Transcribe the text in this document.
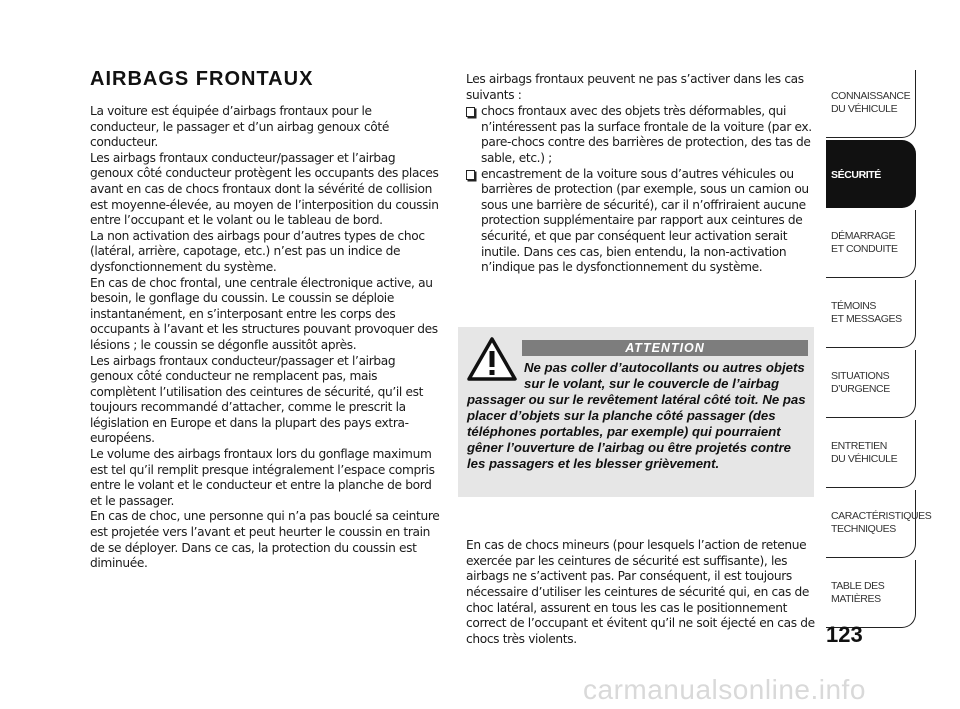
AIRBAGS FRONTAUX

La voiture est équipée d’airbags frontaux pour le conducteur, le passager et d’un airbag genoux côté conducteur.

Les airbags frontaux conducteur/passager et l’airbag genoux côté conducteur protègent les occupants des places avant en cas de chocs frontaux dont la sévérité de collision est moyenne-élevée, au moyen de l’interposition du coussin entre l’occupant et le volant ou le tableau de bord.

La non activation des airbags pour d’autres types de choc (latéral, arrière, capotage, etc.) n’est pas un indice de dysfonctionnement du système.

En cas de choc frontal, une centrale électronique active, au besoin, le gonflage du coussin. Le coussin se déploie instantanément, en s’interposant entre les corps des occupants à l’avant et les structures pouvant provoquer des lésions ; le coussin se dégonfle aussitôt après.

Les airbags frontaux conducteur/passager et l’airbag genoux côté conducteur ne remplacent pas, mais complètent l’utilisation des ceintures de sécurité, qu’il est toujours recommandé d’attacher, comme le prescrit la législation en Europe et dans la plupart des pays extra-européens.

Le volume des airbags frontaux lors du gonflage maximum est tel qu’il remplit presque intégralement l’espace compris entre le volant et le conducteur et entre la planche de bord et le passager.

En cas de choc, une personne qui n’a pas bouclé sa ceinture est projetée vers l’avant et peut heurter le coussin en train de se déployer. Dans ce cas, la protection du coussin est diminuée.

Les airbags frontaux peuvent ne pas s’activer dans les cas suivants :

chocs frontaux avec des objets très déformables, qui n’intéressent pas la surface frontale de la voiture (par ex. pare-chocs contre des barrières de protection, des tas de sable, etc.) ;
encastrement de la voiture sous d’autres véhicules ou barrières de protection (par exemple, sous un camion ou sous une barrière de sécurité), car il n’offriraient aucune protection supplémentaire par rapport aux ceintures de sécurité, et que par conséquent leur activation serait inutile. Dans ces cas, bien entendu, la non-activation n’indique pas le dysfonctionnement du système.
ATTENTION
Ne pas coller d’autocollants ou autres objets sur le volant, sur le couvercle de l’airbag passager ou sur le revêtement latéral côté toit. Ne pas placer d’objets sur la planche côté passager (des téléphones portables, par exemple) qui pourraient gêner l’ouverture de l’airbag ou être projetés contre les passagers et les blesser grièvement.

En cas de chocs mineurs (pour lesquels l’action de retenue exercée par les ceintures de sécurité est suffisante), les airbags ne s’activent pas. Par conséquent, il est toujours nécessaire d’utiliser les ceintures de sécurité qui, en cas de choc latéral, assurent en tous les cas le positionnement correct de l’occupant et évitent qu’il ne soit éjecté en cas de chocs très violents.

CONNAISSANCE
DU VÉHICULE
SÉCURITÉ
DÉMARRAGE
ET CONDUITE
TÉMOINS
ET MESSAGES
SITUATIONS
D’URGENCE
ENTRETIEN
DU VÉHICULE
CARACTÉRISTIQUES
TECHNIQUES
TABLE DES
MATIÈRES
123
carmanualsonline.info
